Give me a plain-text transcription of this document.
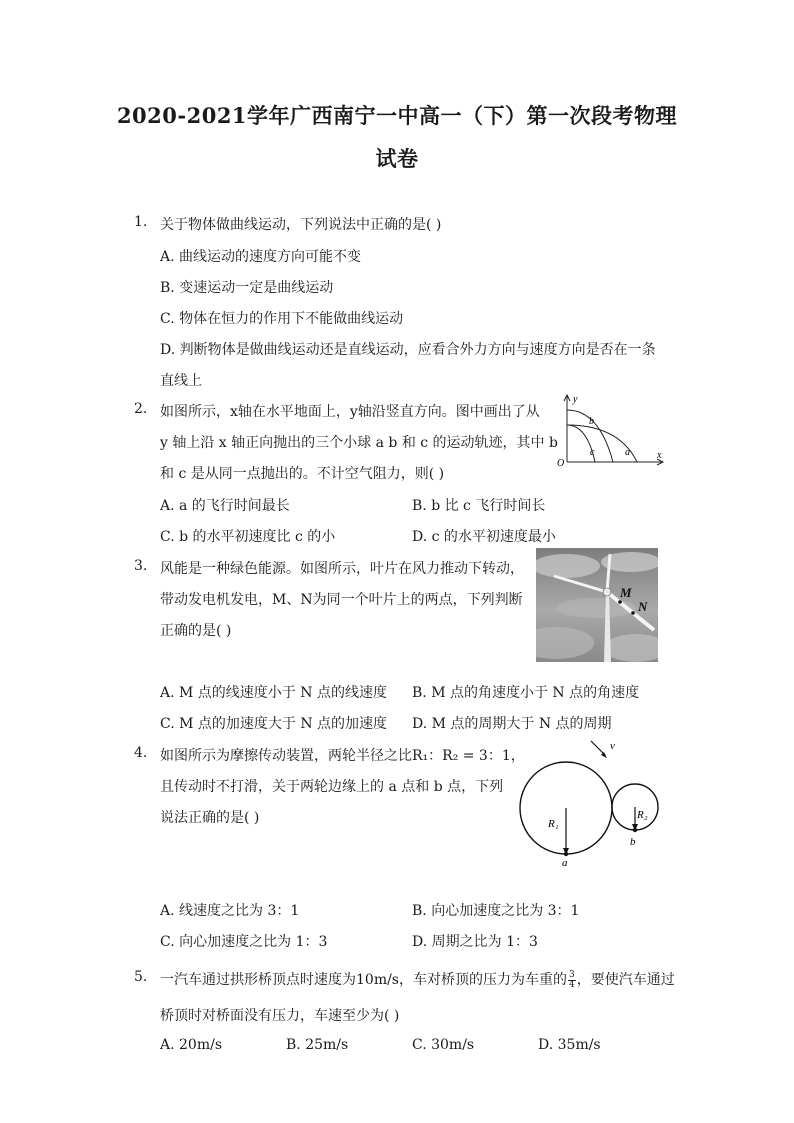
2020-2021学年广西南宁一中高一（下）第一次段考物理
试卷
1. 关于物体做曲线运动，下列说法中正确的是( )
A. 曲线运动的速度方向可能不变
B. 变速运动一定是曲线运动
C. 物体在恒力的作用下不能做曲线运动
D. 判断物体是做曲线运动还是直线运动，应看合外力方向与速度方向是否在一条
直线上
2. 如图所示，x轴在水平地面上，y轴沿竖直方向。图中画出了从
y 轴上沿 x 轴正向抛出的三个小球 a b 和 c 的运动轨迹，其中 b
和 c 是从同一点抛出的。不计空气阻力，则( )
A. a 的飞行时间最长	B. b 比 c 飞行时间长
C. b 的水平初速度比 c 的小	D. c 的水平初速度最小
y
x
O
b
c	a
3. 风能是一种绿色能源。如图所示，叶片在风力推动下转动，
带动发电机发电，M、N为同一个叶片上的两点，下列判断
正确的是( )
A. M 点的线速度小于 N 点的线速度 B. M 点的角速度小于 N 点的角速度
C. M 点的加速度大于 N 点的加速度 D. M 点的周期大于 N 点的周期
M
N
4. 如图所示为摩擦传动装置，两轮半径之比R₁：R₂ = 3：1，
且传动时不打滑，关于两轮边缘上的 a 点和 b 点，下列
说法正确的是( )
A. 线速度之比为 3：1	B. 向心加速度之比为 3：1
C. 向心加速度之比为 1：3	D. 周期之比为 1：3
v
R₁
R₂
a
b
5. 一汽车通过拱形桥顶点时速度为10m/s，车对桥顶的压力为车重的 $\frac{3}{4}$ ，要使汽车通过
桥顶时对桥面没有压力，车速至少为( )
A. 20m/s	B. 25m/s	C. 30m/s	D. 35m/s
